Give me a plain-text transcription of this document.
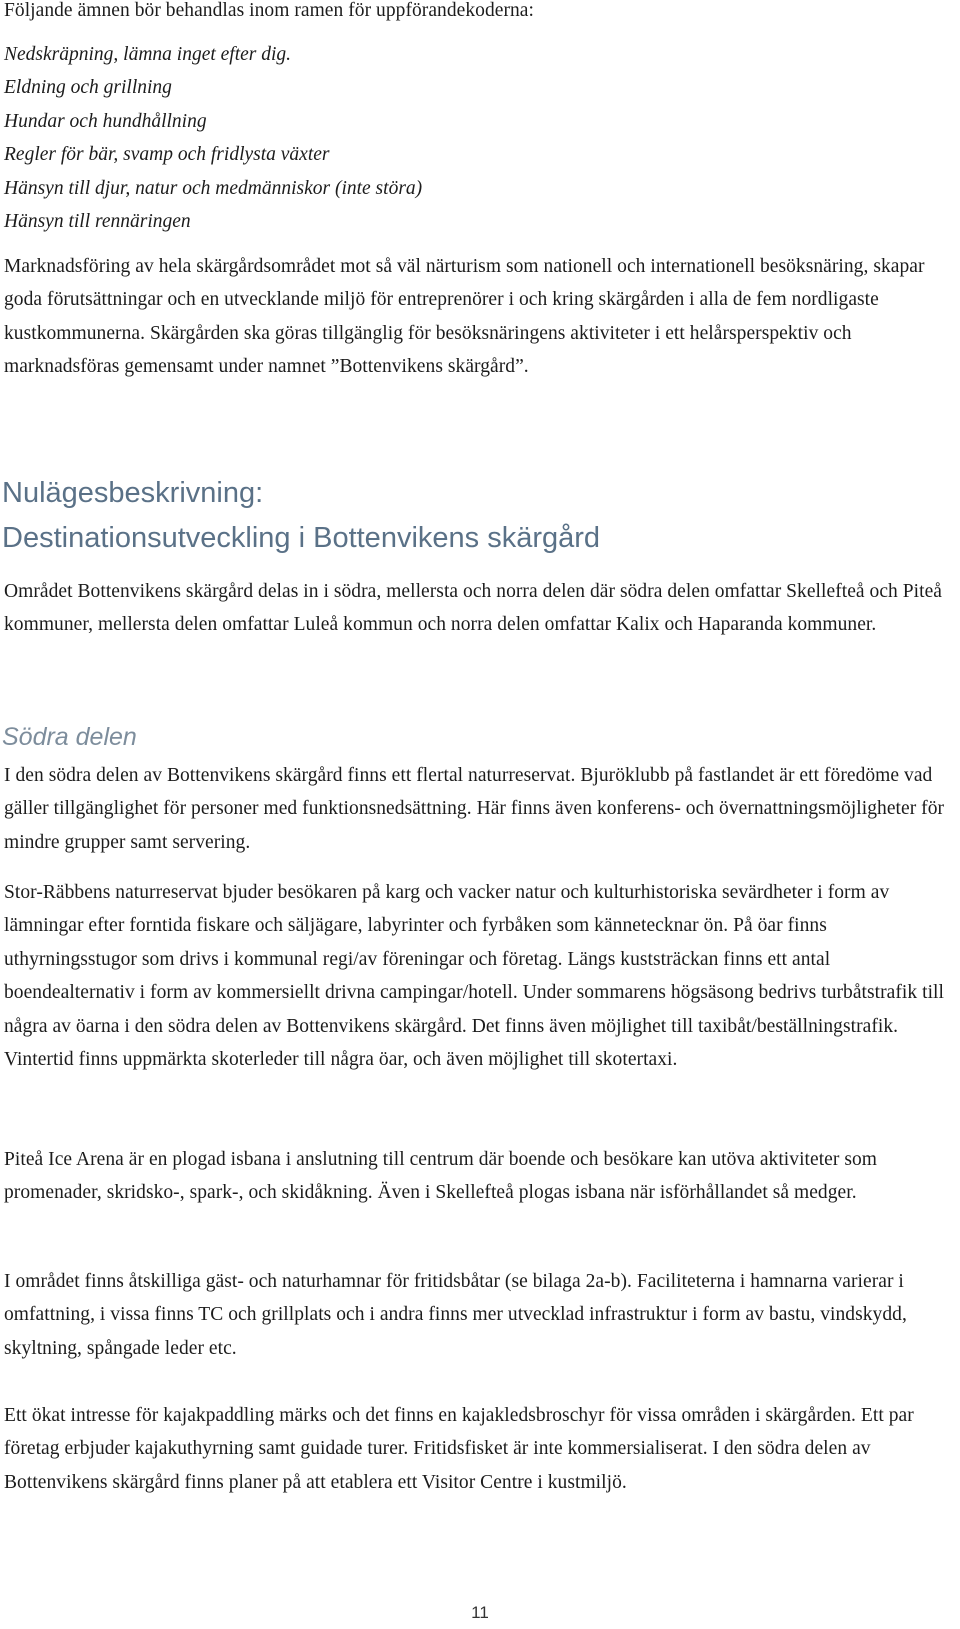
Följande ämnen bör behandlas inom ramen för uppförandekoderna:

Nedskräpning, lämna inget efter dig.
Eldning och grillning
Hundar och hundhållning
Regler för bär, svamp och fridlysta växter
Hänsyn till djur, natur och medmänniskor (inte störa)
Hänsyn till rennäringen

Marknadsföring av hela skärgårdsområdet mot så väl närturism som nationell och internationell besöksnäring, skapar goda förutsättningar och en utvecklande miljö för entreprenörer i och kring skärgården i alla de fem nordligaste kustkommunerna. Skärgården ska göras tillgänglig för besöksnäringens aktiviteter i ett helårsperspektiv och marknadsföras gemensamt under namnet ”Bottenvikens skärgård”.

Nulägesbeskrivning:
Destinationsutveckling i Bottenvikens skärgård

Området Bottenvikens skärgård delas in i södra, mellersta och norra delen där södra delen omfattar Skellefteå och Piteå kommuner, mellersta delen omfattar Luleå kommun och norra delen omfattar Kalix och Haparanda kommuner.

Södra delen

I den södra delen av Bottenvikens skärgård finns ett flertal naturreservat. Bjuröklubb på fastlandet är ett föredöme vad gäller tillgänglighet för personer med funktionsnedsättning. Här finns även konferens- och övernattningsmöjligheter för mindre grupper samt servering.

Stor-Räbbens naturreservat bjuder besökaren på karg och vacker natur och kulturhistoriska sevärdheter i form av lämningar efter forntida fiskare och säljägare, labyrinter och fyrbåken som kännetecknar ön. På öar finns uthyrningsstugor som drivs i kommunal regi/av föreningar och företag. Längs kuststräckan finns ett antal boendealternativ i form av kommersiellt drivna campingar/hotell. Under sommarens högsäsong bedrivs turbåtstrafik till några av öarna i den södra delen av Bottenvikens skärgård. Det finns även möjlighet till taxibåt/beställningstrafik. Vintertid finns uppmärkta skoterleder till några öar, och även möjlighet till skotertaxi.

Piteå Ice Arena är en plogad isbana i anslutning till centrum där boende och besökare kan utöva aktiviteter som promenader, skridsko-, spark-, och skidåkning. Även i Skellefteå plogas isbana när isförhållandet så medger.

I området finns åtskilliga gäst- och naturhamnar för fritidsbåtar (se bilaga 2a-b). Faciliteterna i hamnarna varierar i omfattning, i vissa finns TC och grillplats och i andra finns mer utvecklad infrastruktur i form av bastu, vindskydd, skyltning, spångade leder etc.

Ett ökat intresse för kajakpaddling märks och det finns en kajakledsbroschyr för vissa områden i skärgården. Ett par företag erbjuder kajakuthyrning samt guidade turer. Fritidsfisket är inte kommersialiserat. I den södra delen av Bottenvikens skärgård finns planer på att etablera ett Visitor Centre i kustmiljö.

11
